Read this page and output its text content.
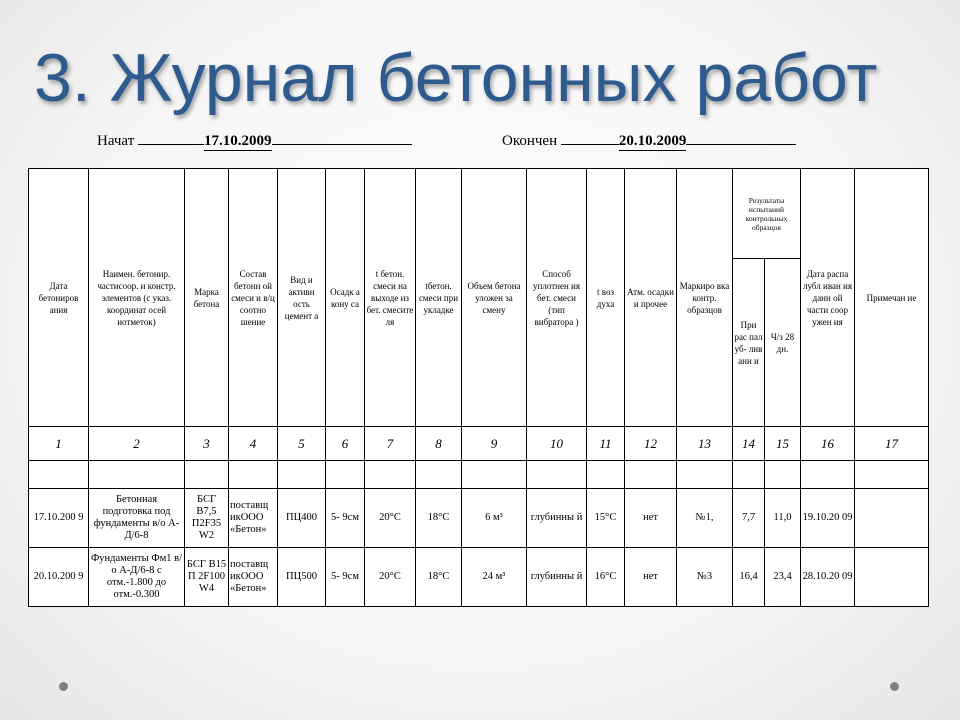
3. Журнал бетонных работ
Начат	17.10.2009	Окончен	20.10.2009
Дата бетониров ания	Наимен. бетонир. частисоор. и констр. элементов (с указ. координат осей иотметок)	Марка бетона	Состав бетонн ой смеси и в/ц соотно шение	Вид и активн ость цемент а	Осадк а кону са	t бетон. смеси на выходе из бет. смесите ля	tбетон. смеси при укладке	Объем бетона уложен за смену	Способ уплотнен ия бет. смеси (тип вибратора )	t воз духа	Атм. осадки и прочее	Маркиро вка контр. образцов	Результаты испытаний контрольных образцов		Дата распа лубл иван ия данн ой части соор ужен ия	Примечан ие
													При рас пал уб- лив ани и	Ч/з 28 дн.		
1	2	3	4	5	6	7	8	9	10	11	12	13	14	15	16	17

17.10.200 9	Бетонная подготовка под фундаменты в/о А-Д/6-8	БСГ В7,5 П2F35 W2	поставщ икООО «Бетон»	ПЦ400	5- 9см	20°С	18°С	6 м³	глубинны й	15°С	нет	№1,	7,7	11,0	19.10.20 09	
20.10.200 9	Фундаменты Фм1 в/о А-Д/6-8 с отм.-1.800 до отм.-0.300	БСГ В15 П 2F100 W4	поставщ икООО «Бетон»	ПЦ500	5- 9см	20°С	18°С	24 м³	глубинны й	16°С	нет	№3	16,4	23,4	28.10.20 09	
